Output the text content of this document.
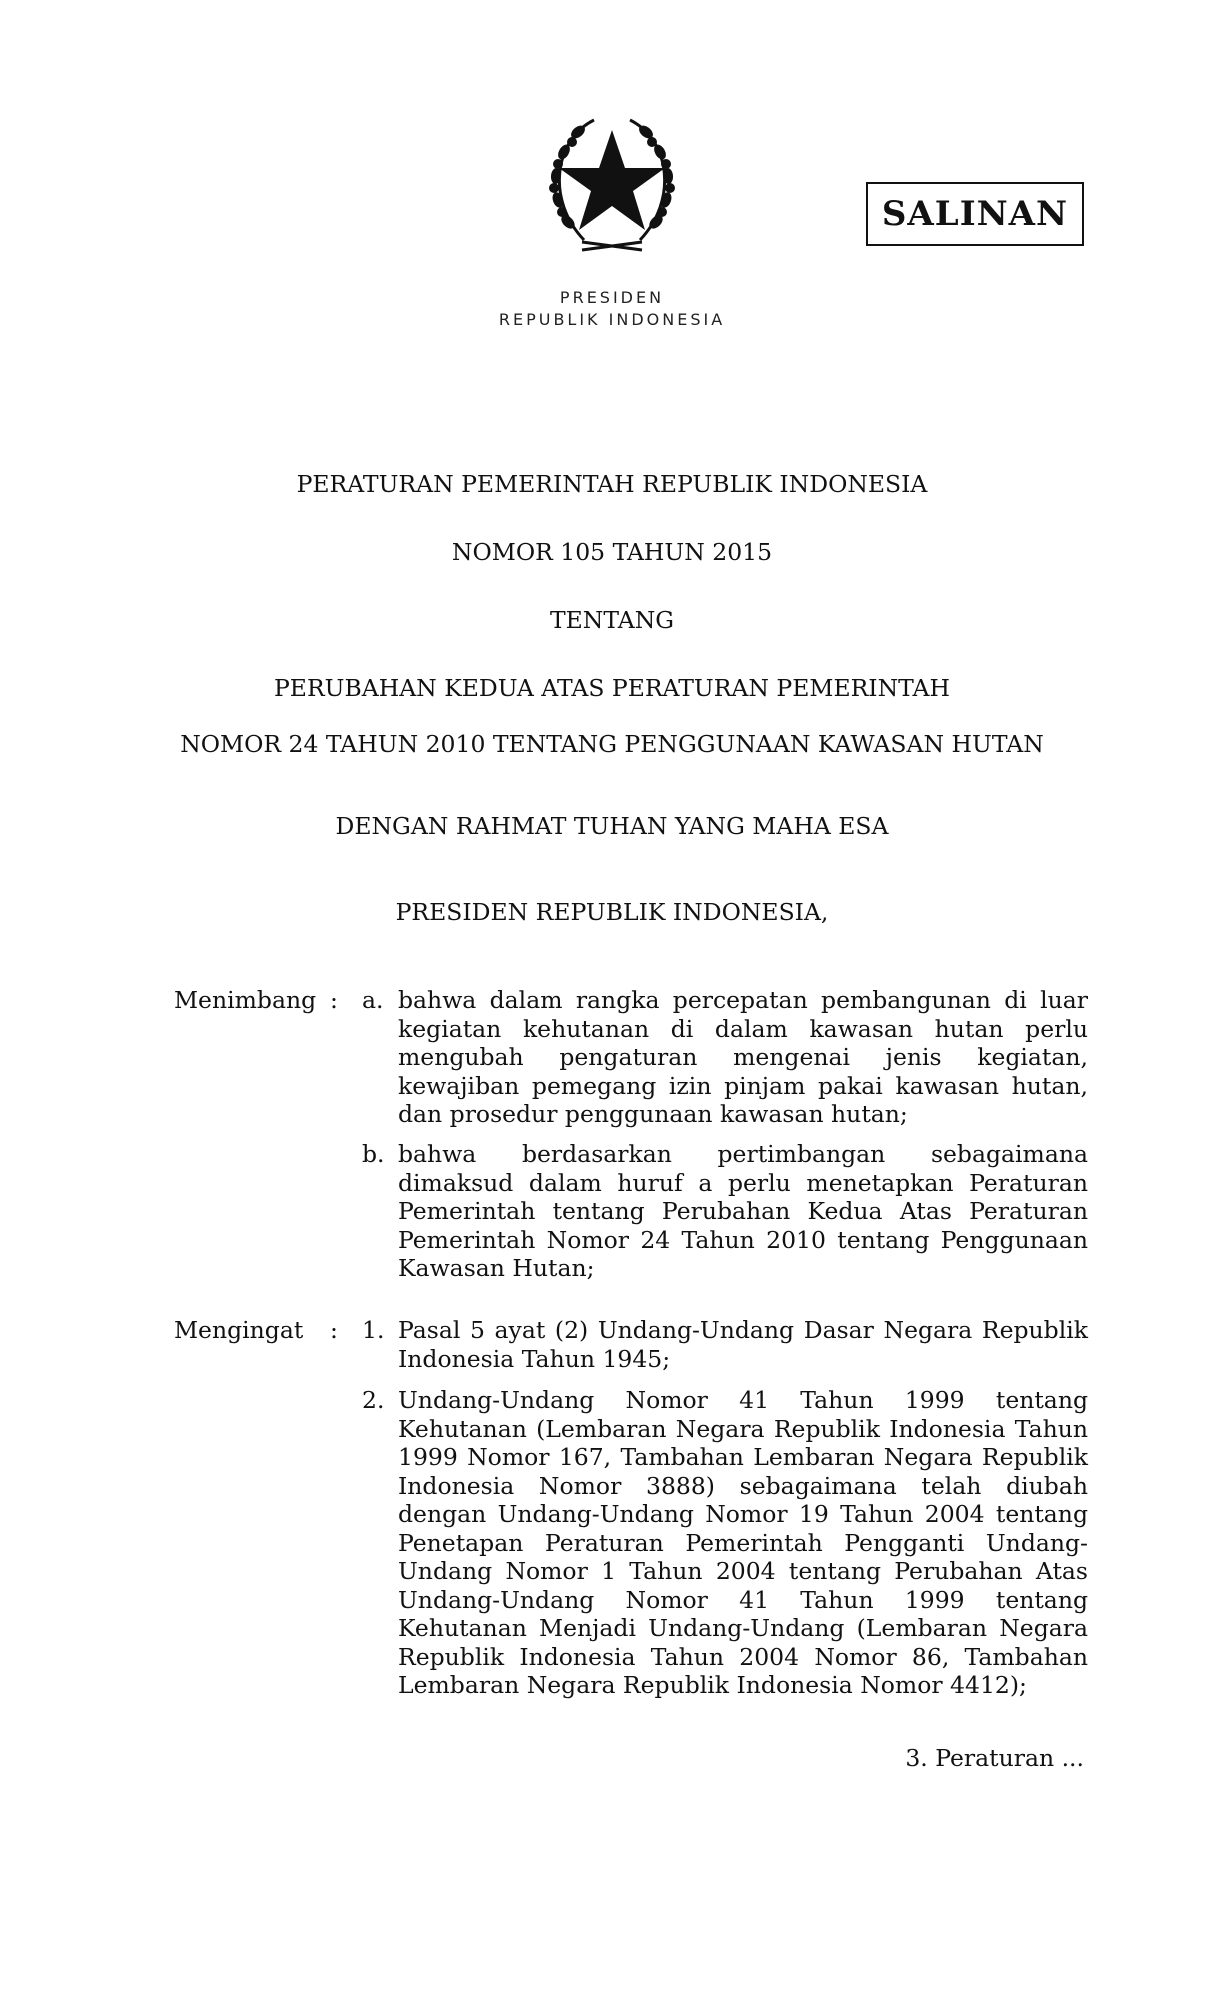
PRESIDEN
REPUBLIK INDONESIA
SALINAN
PERATURAN PEMERINTAH REPUBLIK INDONESIA
NOMOR 105 TAHUN 2015
TENTANG
PERUBAHAN KEDUA ATAS PERATURAN PEMERINTAH
NOMOR 24 TAHUN 2010 TENTANG PENGGUNAAN KAWASAN HUTAN
DENGAN RAHMAT TUHAN YANG MAHA ESA
PRESIDEN REPUBLIK INDONESIA,
Menimbang : a. bahwa dalam rangka percepatan pembangunan di luar kegiatan kehutanan di dalam kawasan hutan perlu mengubah pengaturan mengenai jenis kegiatan, kewajiban pemegang izin pinjam pakai kawasan hutan, dan prosedur penggunaan kawasan hutan;

b. bahwa berdasarkan pertimbangan sebagaimana dimaksud dalam huruf a perlu menetapkan Peraturan Pemerintah tentang Perubahan Kedua Atas Peraturan Pemerintah Nomor 24 Tahun 2010 tentang Penggunaan Kawasan Hutan;

Mengingat : 1. Pasal 5 ayat (2) Undang-Undang Dasar Negara Republik Indonesia Tahun 1945;

2. Undang-Undang Nomor 41 Tahun 1999 tentang Kehutanan (Lembaran Negara Republik Indonesia Tahun 1999 Nomor 167, Tambahan Lembaran Negara Republik Indonesia Nomor 3888) sebagaimana telah diubah dengan Undang-Undang Nomor 19 Tahun 2004 tentang Penetapan Peraturan Pemerintah Pengganti Undang-Undang Nomor 1 Tahun 2004 tentang Perubahan Atas Undang-Undang Nomor 41 Tahun 1999 tentang Kehutanan Menjadi Undang-Undang (Lembaran Negara Republik Indonesia Tahun 2004 Nomor 86, Tambahan Lembaran Negara Republik Indonesia Nomor 4412);

3. Peraturan ...
